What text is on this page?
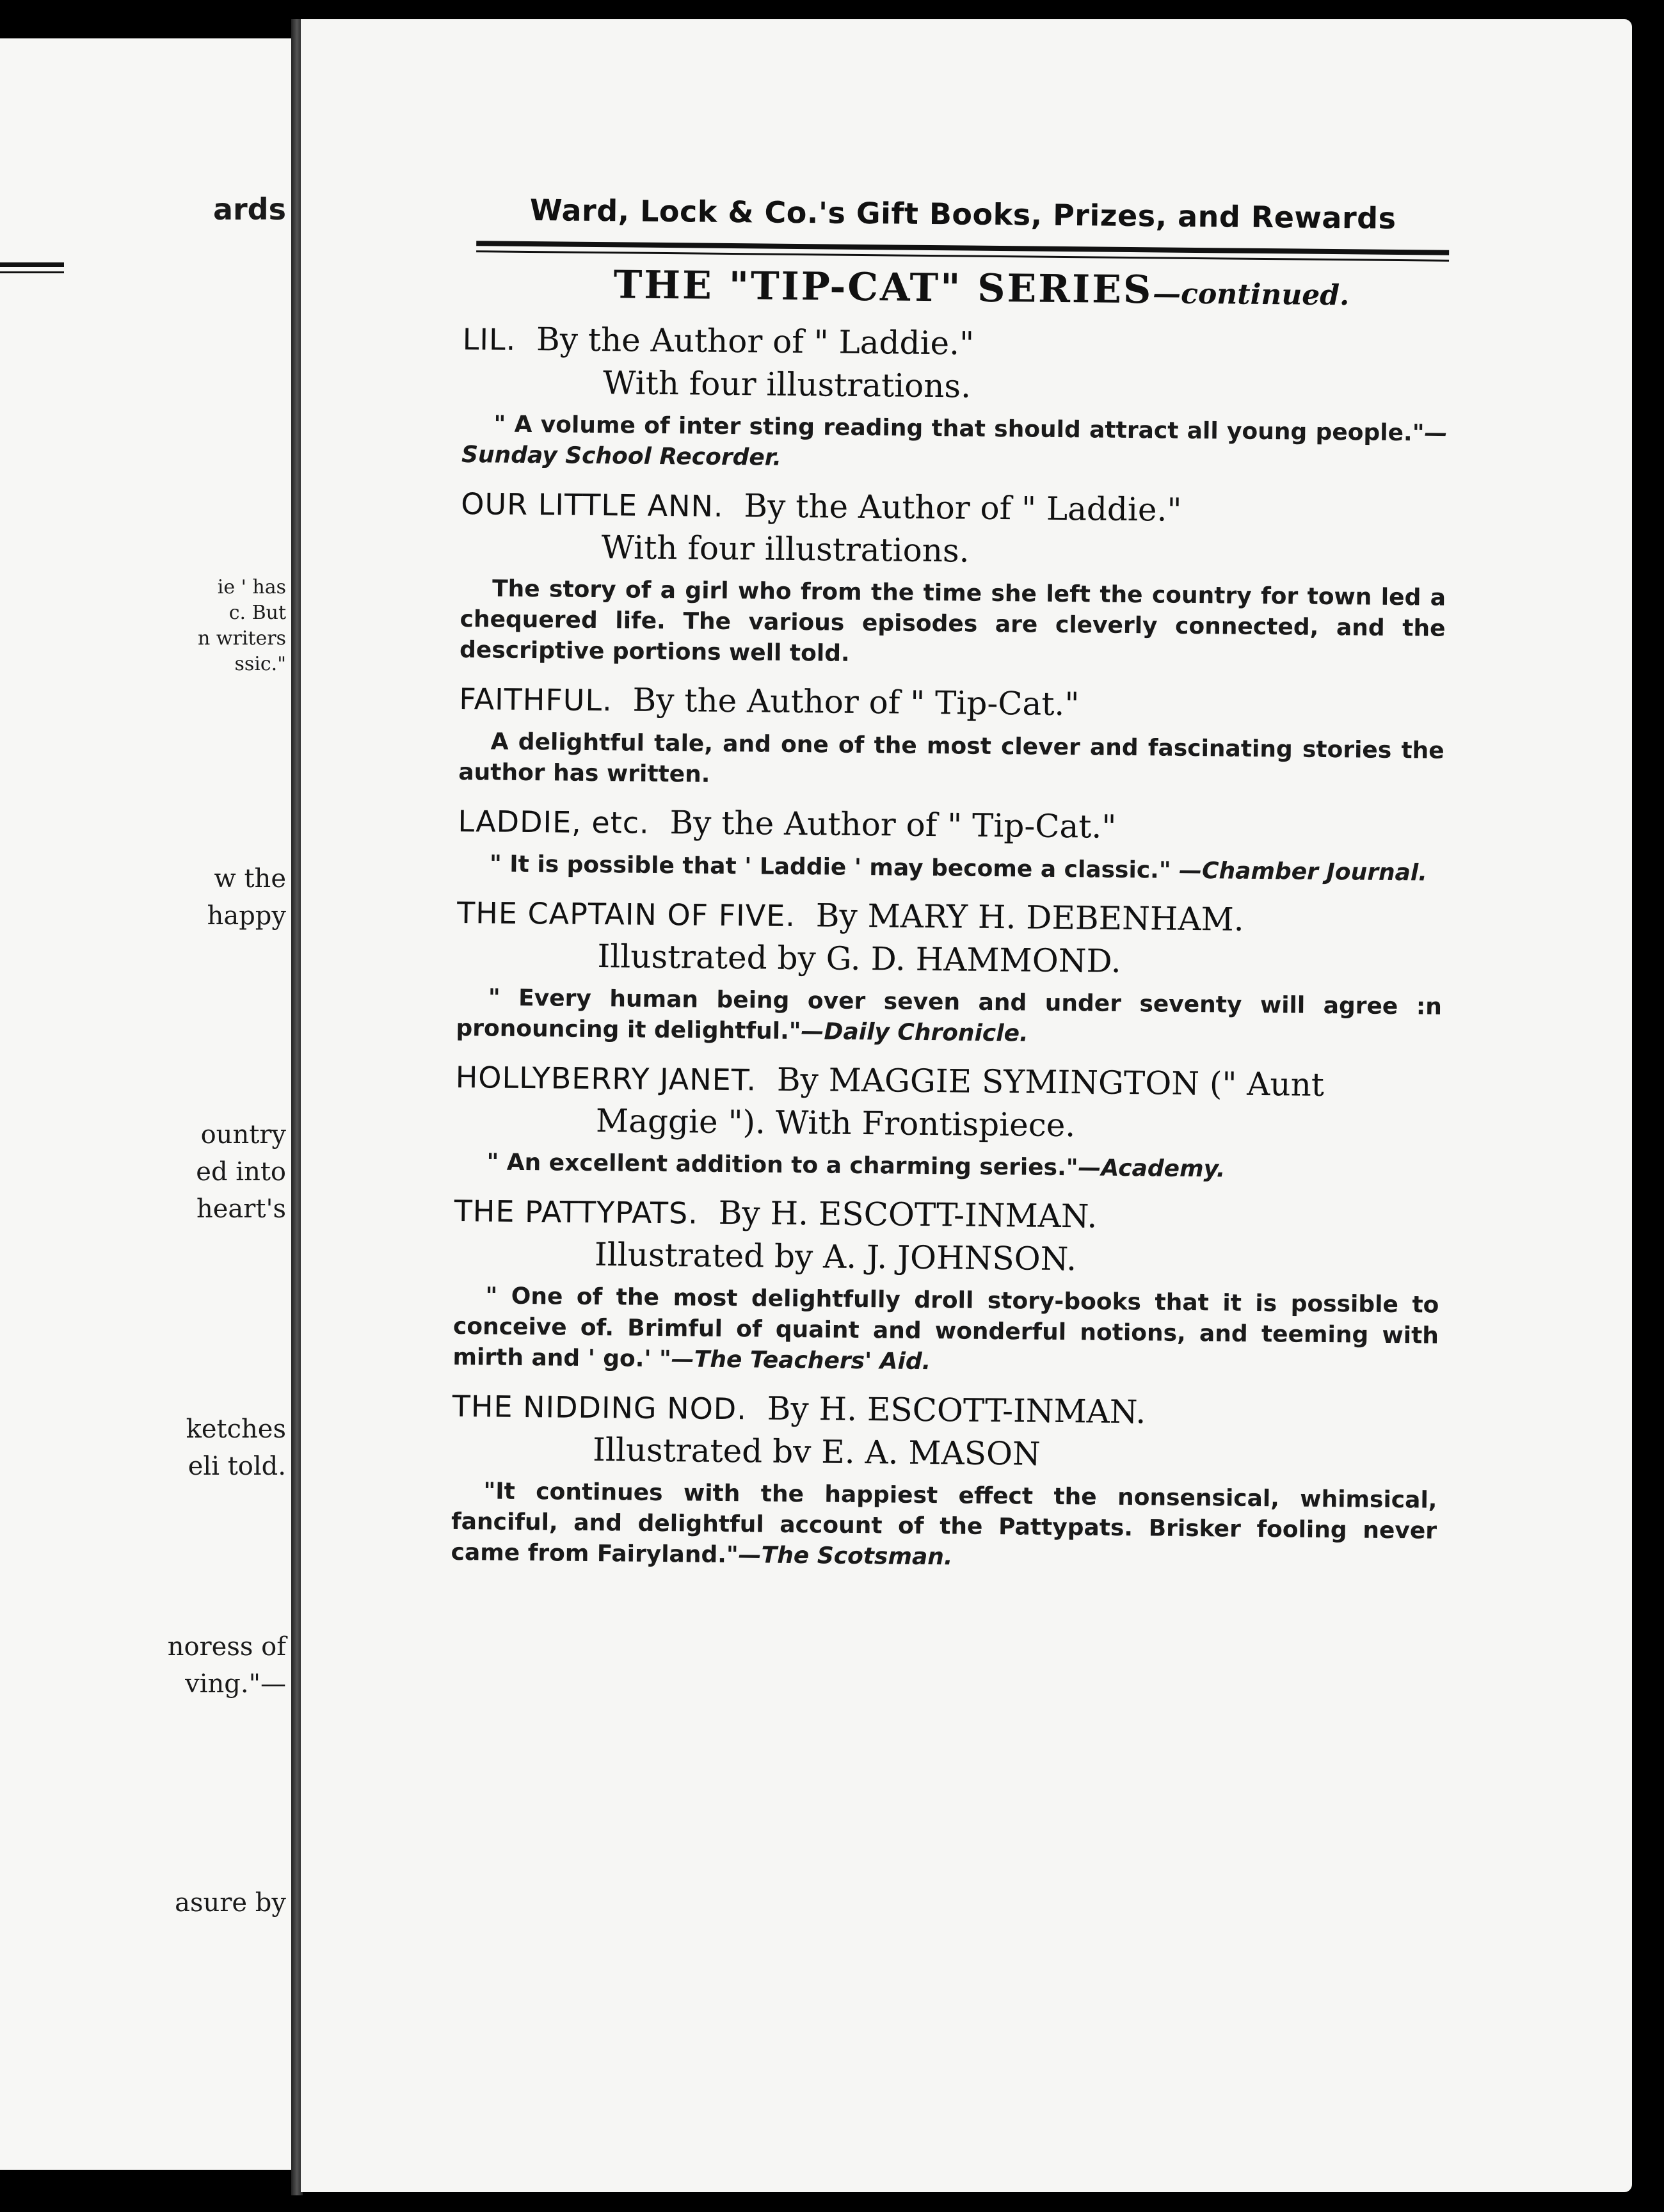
ards
ie ' has
c. But
n writers
ssic."
w the
happy
ountry
ed into
heart's
ketches
eli told.
noress of
ving."—
asure by
Ward, Lock & Co.'s Gift Books, Prizes, and Rewards
THE "TIP-CAT" SERIES—continued.
LIL. By the Author of " Laddie."
With four illustrations.
" A volume of inter sting reading that should attract all young people."—Sunday School Recorder.
OUR LITTLE ANN. By the Author of " Laddie."
With four illustrations.
The story of a girl who from the time she left the country for town led a chequered life. The various episodes are cleverly connected, and the descriptive portions well told.
FAITHFUL. By the Author of " Tip-Cat."
A delightful tale, and one of the most clever and fascinating stories the author has written.
LADDIE, etc. By the Author of " Tip-Cat."
" It is possible that ' Laddie ' may become a classic." —Chamber Journal.
THE CAPTAIN OF FIVE. By MARY H. DEBENHAM.
Illustrated by G. D. HAMMOND.
" Every human being over seven and under seventy will agree :n pronouncing it delightful."—Daily Chronicle.
HOLLYBERRY JANET. By MAGGIE SYMINGTON (" Aunt
Maggie "). With Frontispiece.
" An excellent addition to a charming series."—Academy.
THE PATTYPATS. By H. ESCOTT-INMAN.
Illustrated by A. J. JOHNSON.
" One of the most delightfully droll story-books that it is possible to conceive of. Brimful of quaint and wonderful notions, and teeming with mirth and ' go.' "—The Teachers' Aid.
THE NIDDING NOD. By H. ESCOTT-INMAN.
Illustrated bv E. A. MASON
"It continues with the happiest effect the nonsensical, whimsical, fanciful, and delightful account of the Pattypats. Brisker fooling never came from Fairyland."—The Scotsman.
